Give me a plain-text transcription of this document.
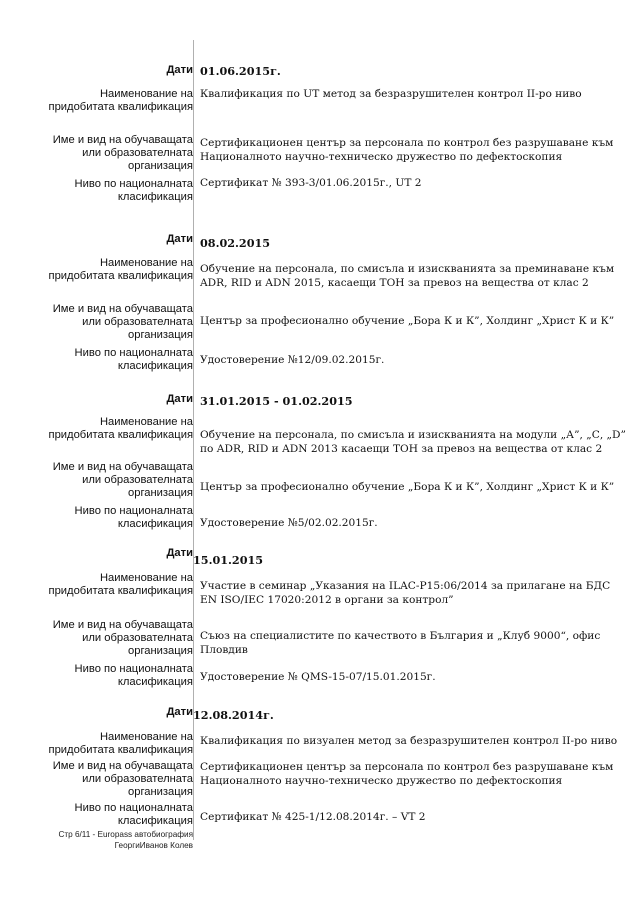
Дати 01.06.2015г.
Наименование на придобитата квалификация
Квалификация по UT метод за безразрушителен контрол II-ро ниво
Име и вид на обучаващата или образователната организация
Сертификационен център за персонала по контрол без разрушаване към Националното научно-техническо дружество по дефектоскопия
Ниво по националната класификация
Сертификат № 393-3/01.06.2015г., UT 2
Дати 08.02.2015
Наименование на придобитата квалификация
Обучение на персонала, по смисъла и изискванията за преминаване към ADR, RID и ADN 2015, касаещи ТОН за превоз на вещества от клас 2
Име и вид на обучаващата или образователната организация
Център за професионално обучение „Бора К и К”, Холдинг „Христ К и К”
Ниво по националната класификация Удостоверение №12/09.02.2015г.
Дати 31.01.2015 - 01.02.2015
Наименование на придобитата квалификация Обучение на персонала, по смисъла и изискванията на модули „А”, „С, „D” по ADR, RID и ADN 2013 касаещи ТОН за превоз на вещества от клас 2
Име и вид на обучаващата или образователната организация Център за професионално обучение „Бора К и К”, Холдинг „Христ К и К”
Ниво по националната класификация Удостоверение №5/02.02.2015г.
Дати 15.01.2015
Наименование на придобитата квалификация Участие в семинар „Указания на ILAC-P15:06/2014 за прилагане на БДС EN ISO/IEC 17020:2012 в органи за контрол”
Име и вид на обучаващата или образователната организация
Съюз на специалистите по качеството в България и „Клуб 9000“, офис Пловдив
Ниво по националната класификация Удостоверение № QMS-15-07/15.01.2015г.
Дати 12.08.2014г.
Наименование на придобитата квалификация
Квалификация по визуален метод за безразрушителен контрол II-ро ниво
Име и вид на обучаващата или образователната организация
Сертификационен център за персонала по контрол без разрушаване към Националното научно-техническо дружество по дефектоскопия
Ниво по националната класификация Сертификат № 425-1/12.08.2014г. – VT 2
Стр 6/11 - Europass автобиография
ГеоргиИванов Колев
